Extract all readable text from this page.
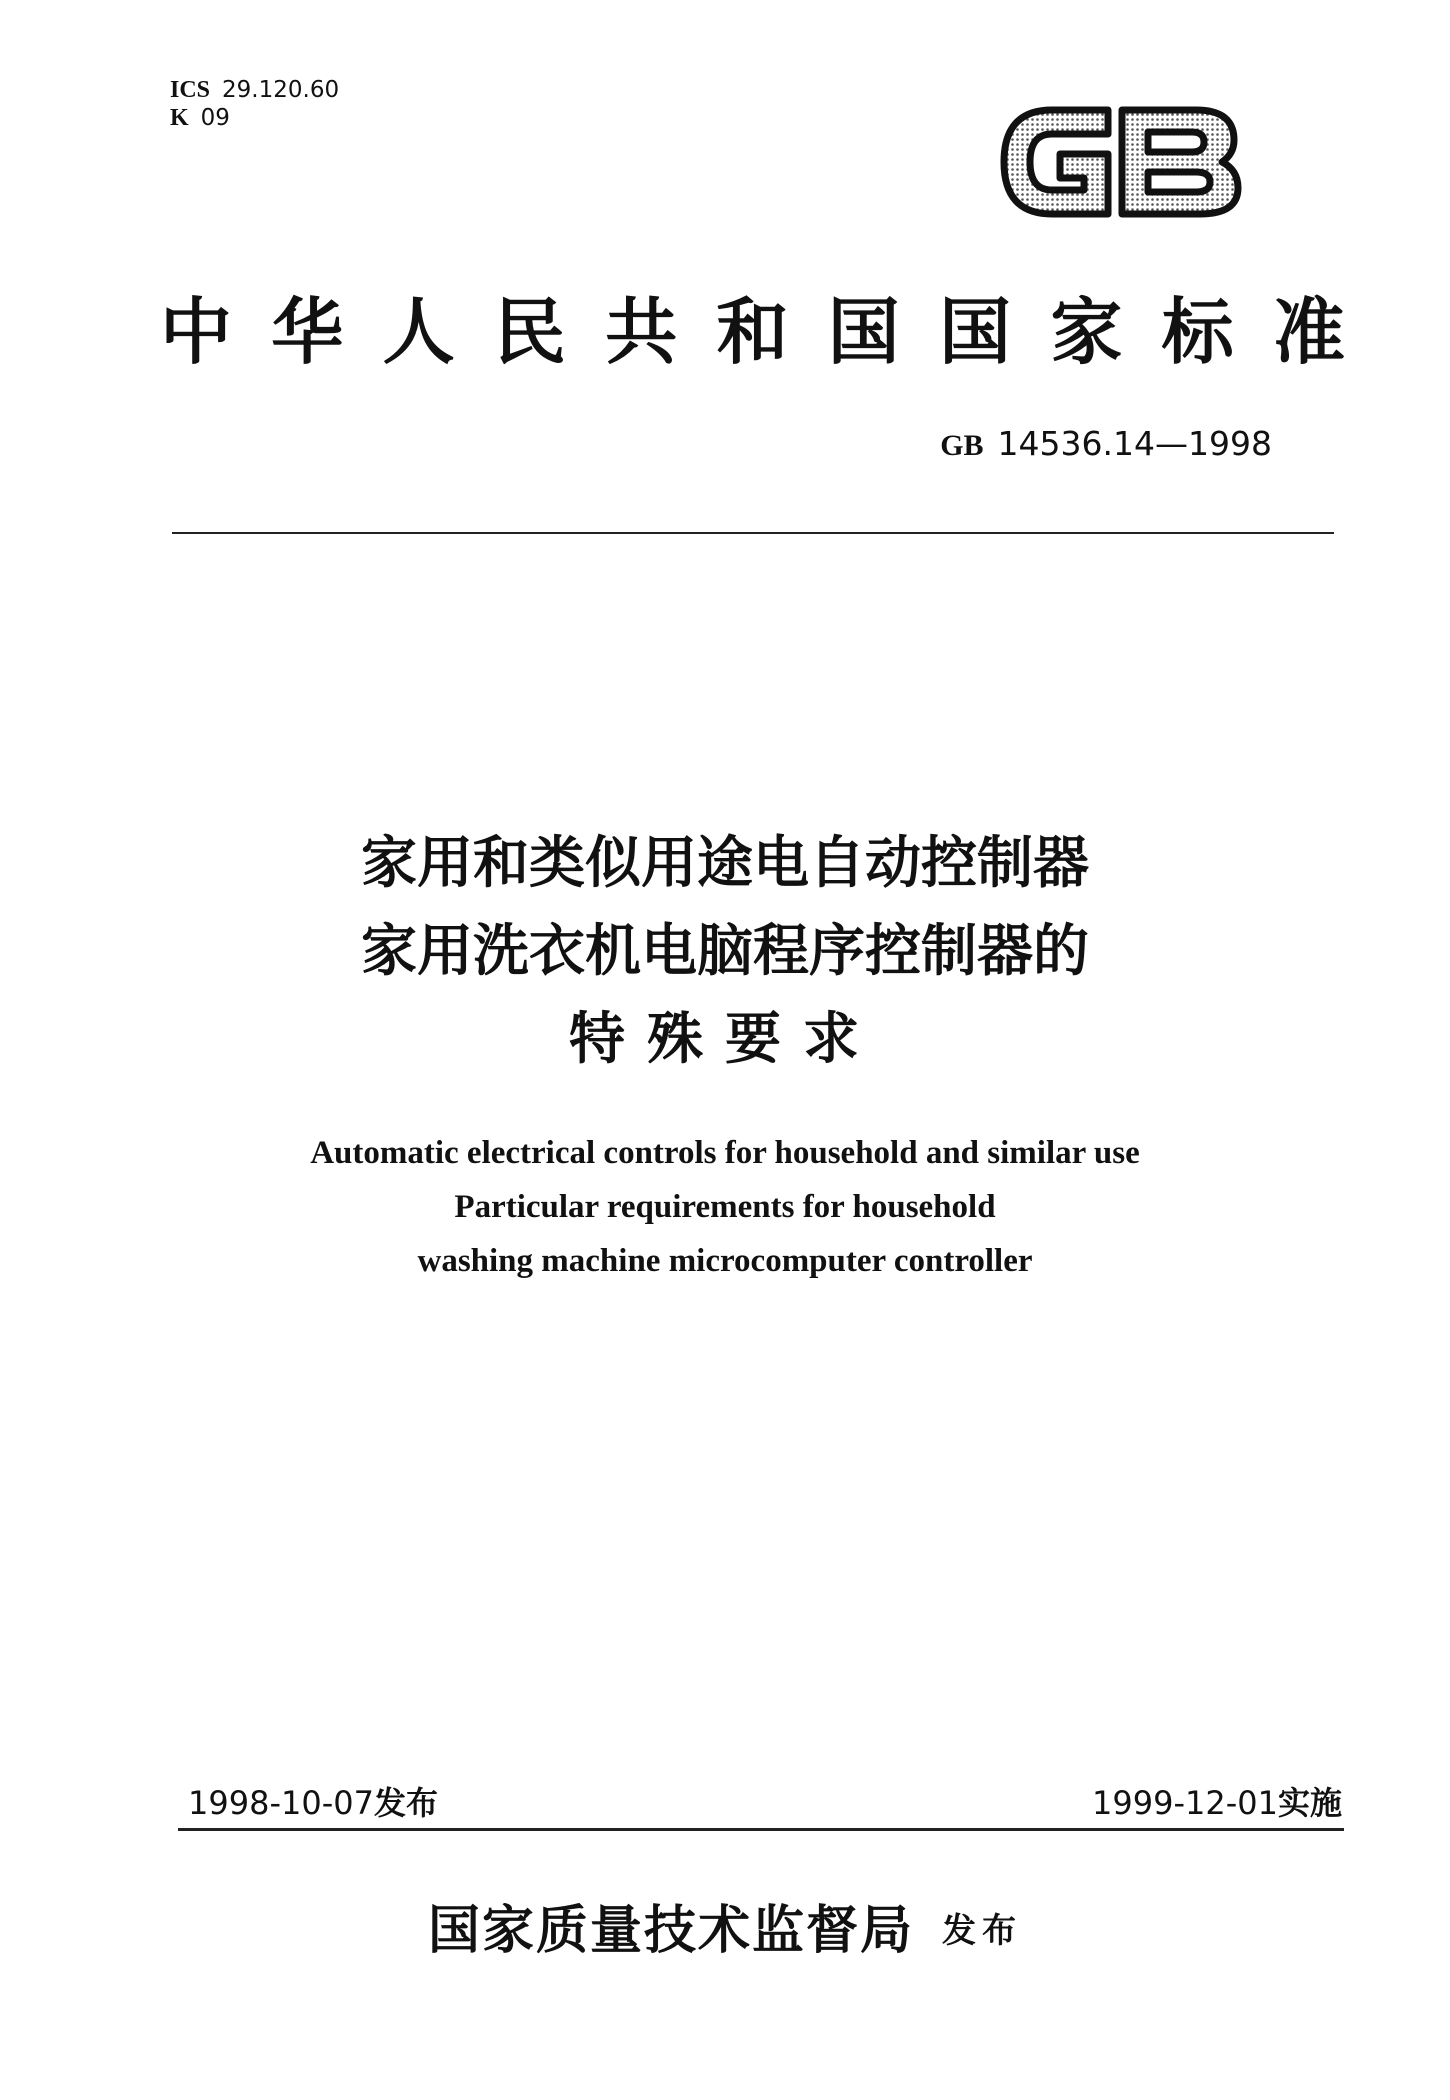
ICS 29.120.60
K 09
中华人民共和国国家标准
GB 14536.14—1998
家用和类似用途电自动控制器
家用洗衣机电脑程序控制器的
特殊要求
Automatic electrical controls for household and similar use
Particular requirements for household
washing machine microcomputer controller
1998-10-07发布	1999-12-01实施
国家质量技术监督局 发布
